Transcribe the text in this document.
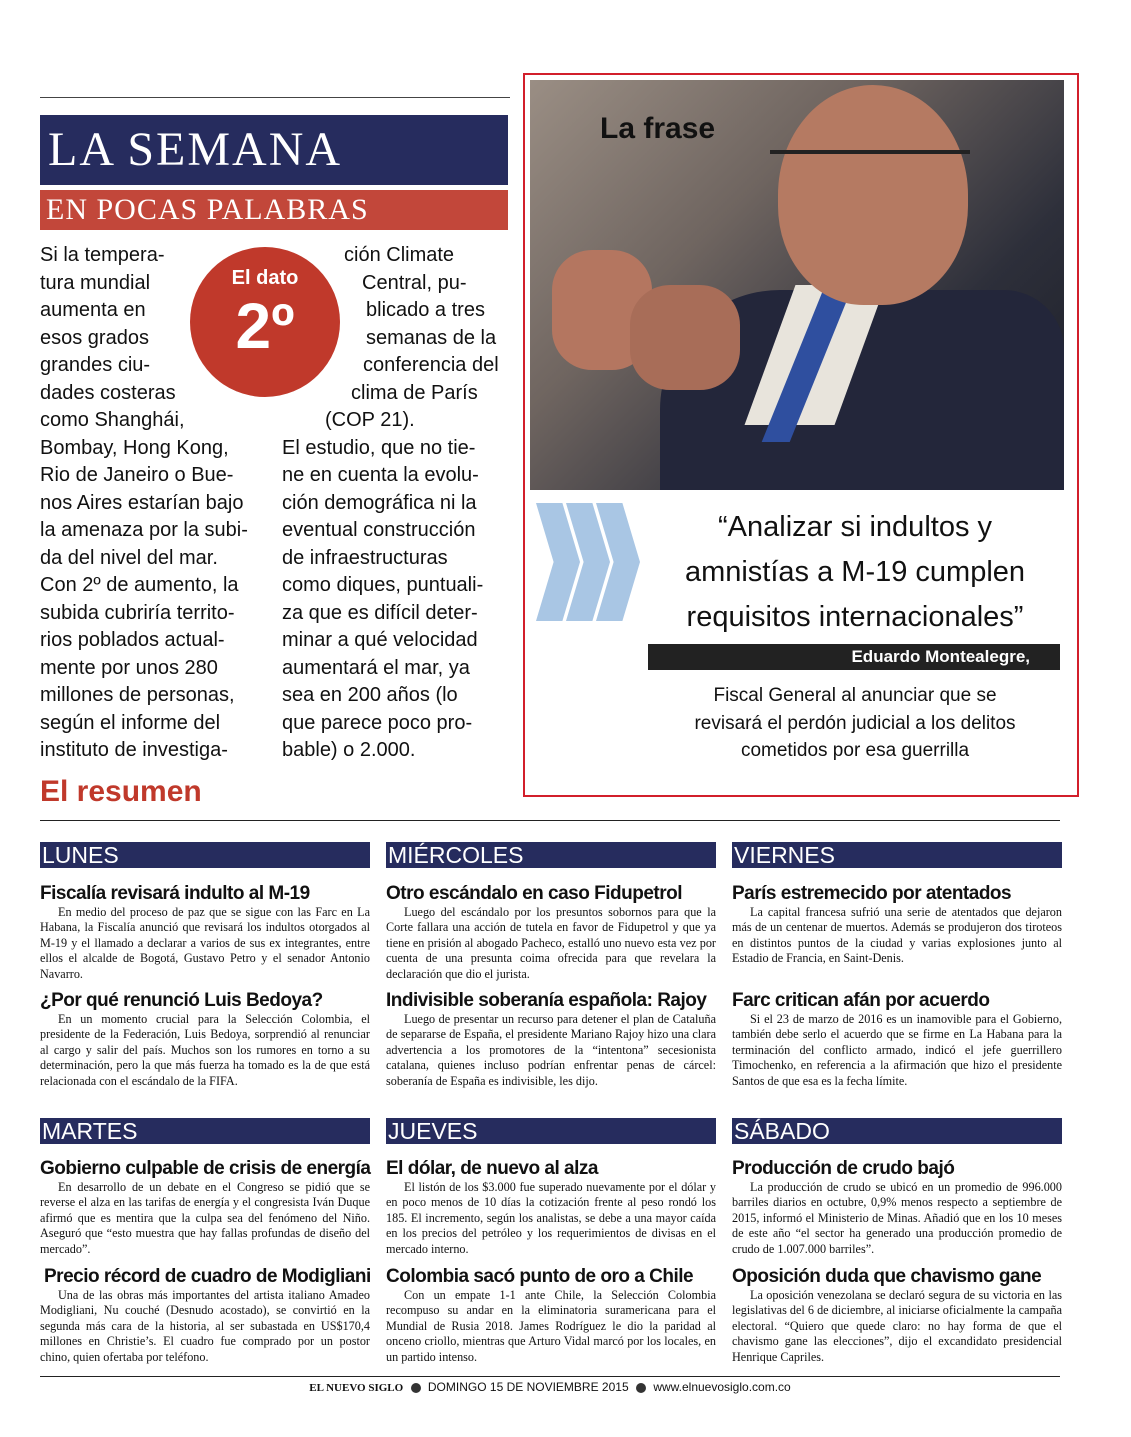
LA SEMANA
EN POCAS PALABRAS
El dato
2º
Si la tempera-
tura mundial
aumenta en
esos grados
grandes ciu-
dades costeras
como Shanghái,
Bombay, Hong Kong,
Rio de Janeiro o Bue-
nos Aires estarían bajo
la amenaza por la subi-
da del nivel del mar.
Con 2º de aumento, la
subida cubriría territo-
rios poblados actual-
mente por unos 280
millones de personas,
según el informe del
instituto de investiga-
ción Climate
Central, pu-
blicado a tres
semanas de la
conferencia del
clima de París
(COP 21).
El estudio, que no tie-
ne en cuenta la evolu-
ción demográfica ni la
eventual construcción
de infraestructuras
como diques, puntuali-
za que es difícil deter-
minar a qué velocidad
aumentará el mar, ya
sea en 200 años (lo
que parece poco pro-
bable) o 2.000.
La frase
“Analizar si indultos y
amnistías a M-19 cumplen
requisitos internacionales”
Eduardo Montealegre,
Fiscal General al anunciar que se
revisará el perdón judicial a los delitos
cometidos por esa guerrilla
El resumen
LUNES
Fiscalía revisará indulto al M-19
En medio del proceso de paz que se sigue con las Farc en La Habana, la Fiscalía anunció que revisará los indultos otorgados al M-19 y el llamado a declarar a varios de sus ex integrantes, entre ellos el alcalde de Bogotá, Gustavo Petro y el senador Antonio Navarro.
¿Por qué renunció Luis Bedoya?
En un momento crucial para la Selección Colombia, el presidente de la Federación, Luis Bedoya, sorprendió al renunciar al cargo y salir del país. Muchos son los rumores en torno a su determinación, pero la que más fuerza ha tomado es la de que está relacionada con el escándalo de la FIFA.
MARTES
Gobierno culpable de crisis de energía
En desarrollo de un debate en el Congreso se pidió que se reverse el alza en las tarifas de energía y el congresista Iván Duque afirmó que es mentira que la culpa sea del fenómeno del Niño. Aseguró que “esto muestra que hay fallas profundas de diseño del mercado”.
Precio récord de cuadro de Modigliani
Una de las obras más importantes del artista italiano Amadeo Modigliani, Nu couché (Desnudo acostado), se convirtió en la segunda más cara de la historia, al ser subastada en US$170,4 millones en Christie’s. El cuadro fue comprado por un postor chino, quien ofertaba por teléfono.
MIÉRCOLES
Otro escándalo en caso Fidupetrol
Luego del escándalo por los presuntos sobornos para que la Corte fallara una acción de tutela en favor de Fidupetrol y que ya tiene en prisión al abogado Pacheco, estalló uno nuevo esta vez por cuenta de una presunta coima ofrecida para que revelara la declaración que dio el jurista.
Indivisible soberanía española: Rajoy
Luego de presentar un recurso para detener el plan de Cataluña de separarse de España, el presidente Mariano Rajoy hizo una clara advertencia a los promotores de la “intentona” secesionista catalana, quienes incluso podrían enfrentar penas de cárcel: soberanía de España es indivisible, les dijo.
JUEVES
El dólar, de nuevo al alza
El listón de los $3.000 fue superado nuevamente por el dólar y en poco menos de 10 días la cotización frente al peso rondó los 185. El incremento, según los analistas, se debe a una mayor caída en los precios del petróleo y los requerimientos de divisas en el mercado interno.
Colombia sacó punto de oro a Chile
Con un empate 1-1 ante Chile, la Selección Colombia recompuso su andar en la eliminatoria suramericana para el Mundial de Rusia 2018. James Rodríguez le dio la paridad al onceno criollo, mientras que Arturo Vidal marcó por los locales, en un partido intenso.
VIERNES
París estremecido por atentados
La capital francesa sufrió una serie de atentados que dejaron más de un centenar de muertos. Además se produjeron dos tiroteos en distintos puntos de la ciudad y varias explosiones junto al Estadio de Francia, en Saint-Denis.
Farc critican afán por acuerdo
Si el 23 de marzo de 2016 es un inamovible para el Gobierno, también debe serlo el acuerdo que se firme en La Habana para la terminación del conflicto armado, indicó el jefe guerrillero Timochenko, en referencia a la afirmación que hizo el presidente Santos de que esa es la fecha límite.
SÁBADO
Producción de crudo bajó
La producción de crudo se ubicó en un promedio de 996.000 barriles diarios en octubre, 0,9% menos respecto a septiembre de 2015, informó el Ministerio de Minas. Añadió que en los 10 meses de este año “el sector ha generado una producción promedio de crudo de 1.007.000 barriles”.
Oposición duda que chavismo gane
La oposición venezolana se declaró segura de su victoria en las legislativas del 6 de diciembre, al iniciarse oficialmente la campaña electoral. “Quiero que quede claro: no hay forma de que el chavismo gane las elecciones”, dijo el excandidato presidencial Henrique Capriles.
EL NUEVO SIGLO DOMINGO 15 DE NOVIEMBRE 2015 www.elnuevosiglo.com.co
